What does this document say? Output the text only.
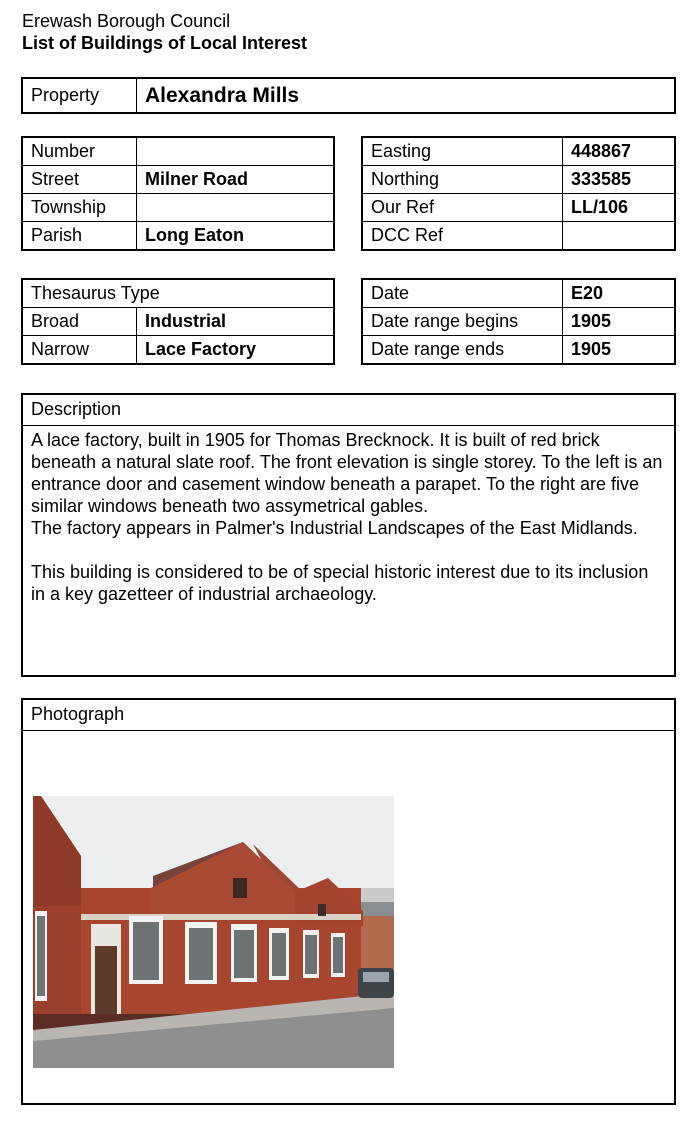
Erewash Borough Council
List of Buildings of Local Interest
Property	Alexandra Mills
Number	
Street	Milner Road
Township	
Parish	Long Eaton
Easting	448867
Northing	333585
Our Ref	LL/106
DCC Ref	
Thesaurus Type	
Broad	Industrial
Narrow	Lace Factory
Date	E20
Date range begins	1905
Date range ends	1905
Description

A lace factory, built in 1905 for Thomas Brecknock. It is built of red brick beneath a natural slate roof. The front elevation is single storey. To the left is an entrance door and casement window beneath a parapet. To the right are five similar windows beneath two assymetrical gables.

The factory appears in Palmer's Industrial Landscapes of the East Midlands.

This building is considered to be of special historic interest due to its inclusion in a key gazetteer of industrial archaeology.

Photograph
